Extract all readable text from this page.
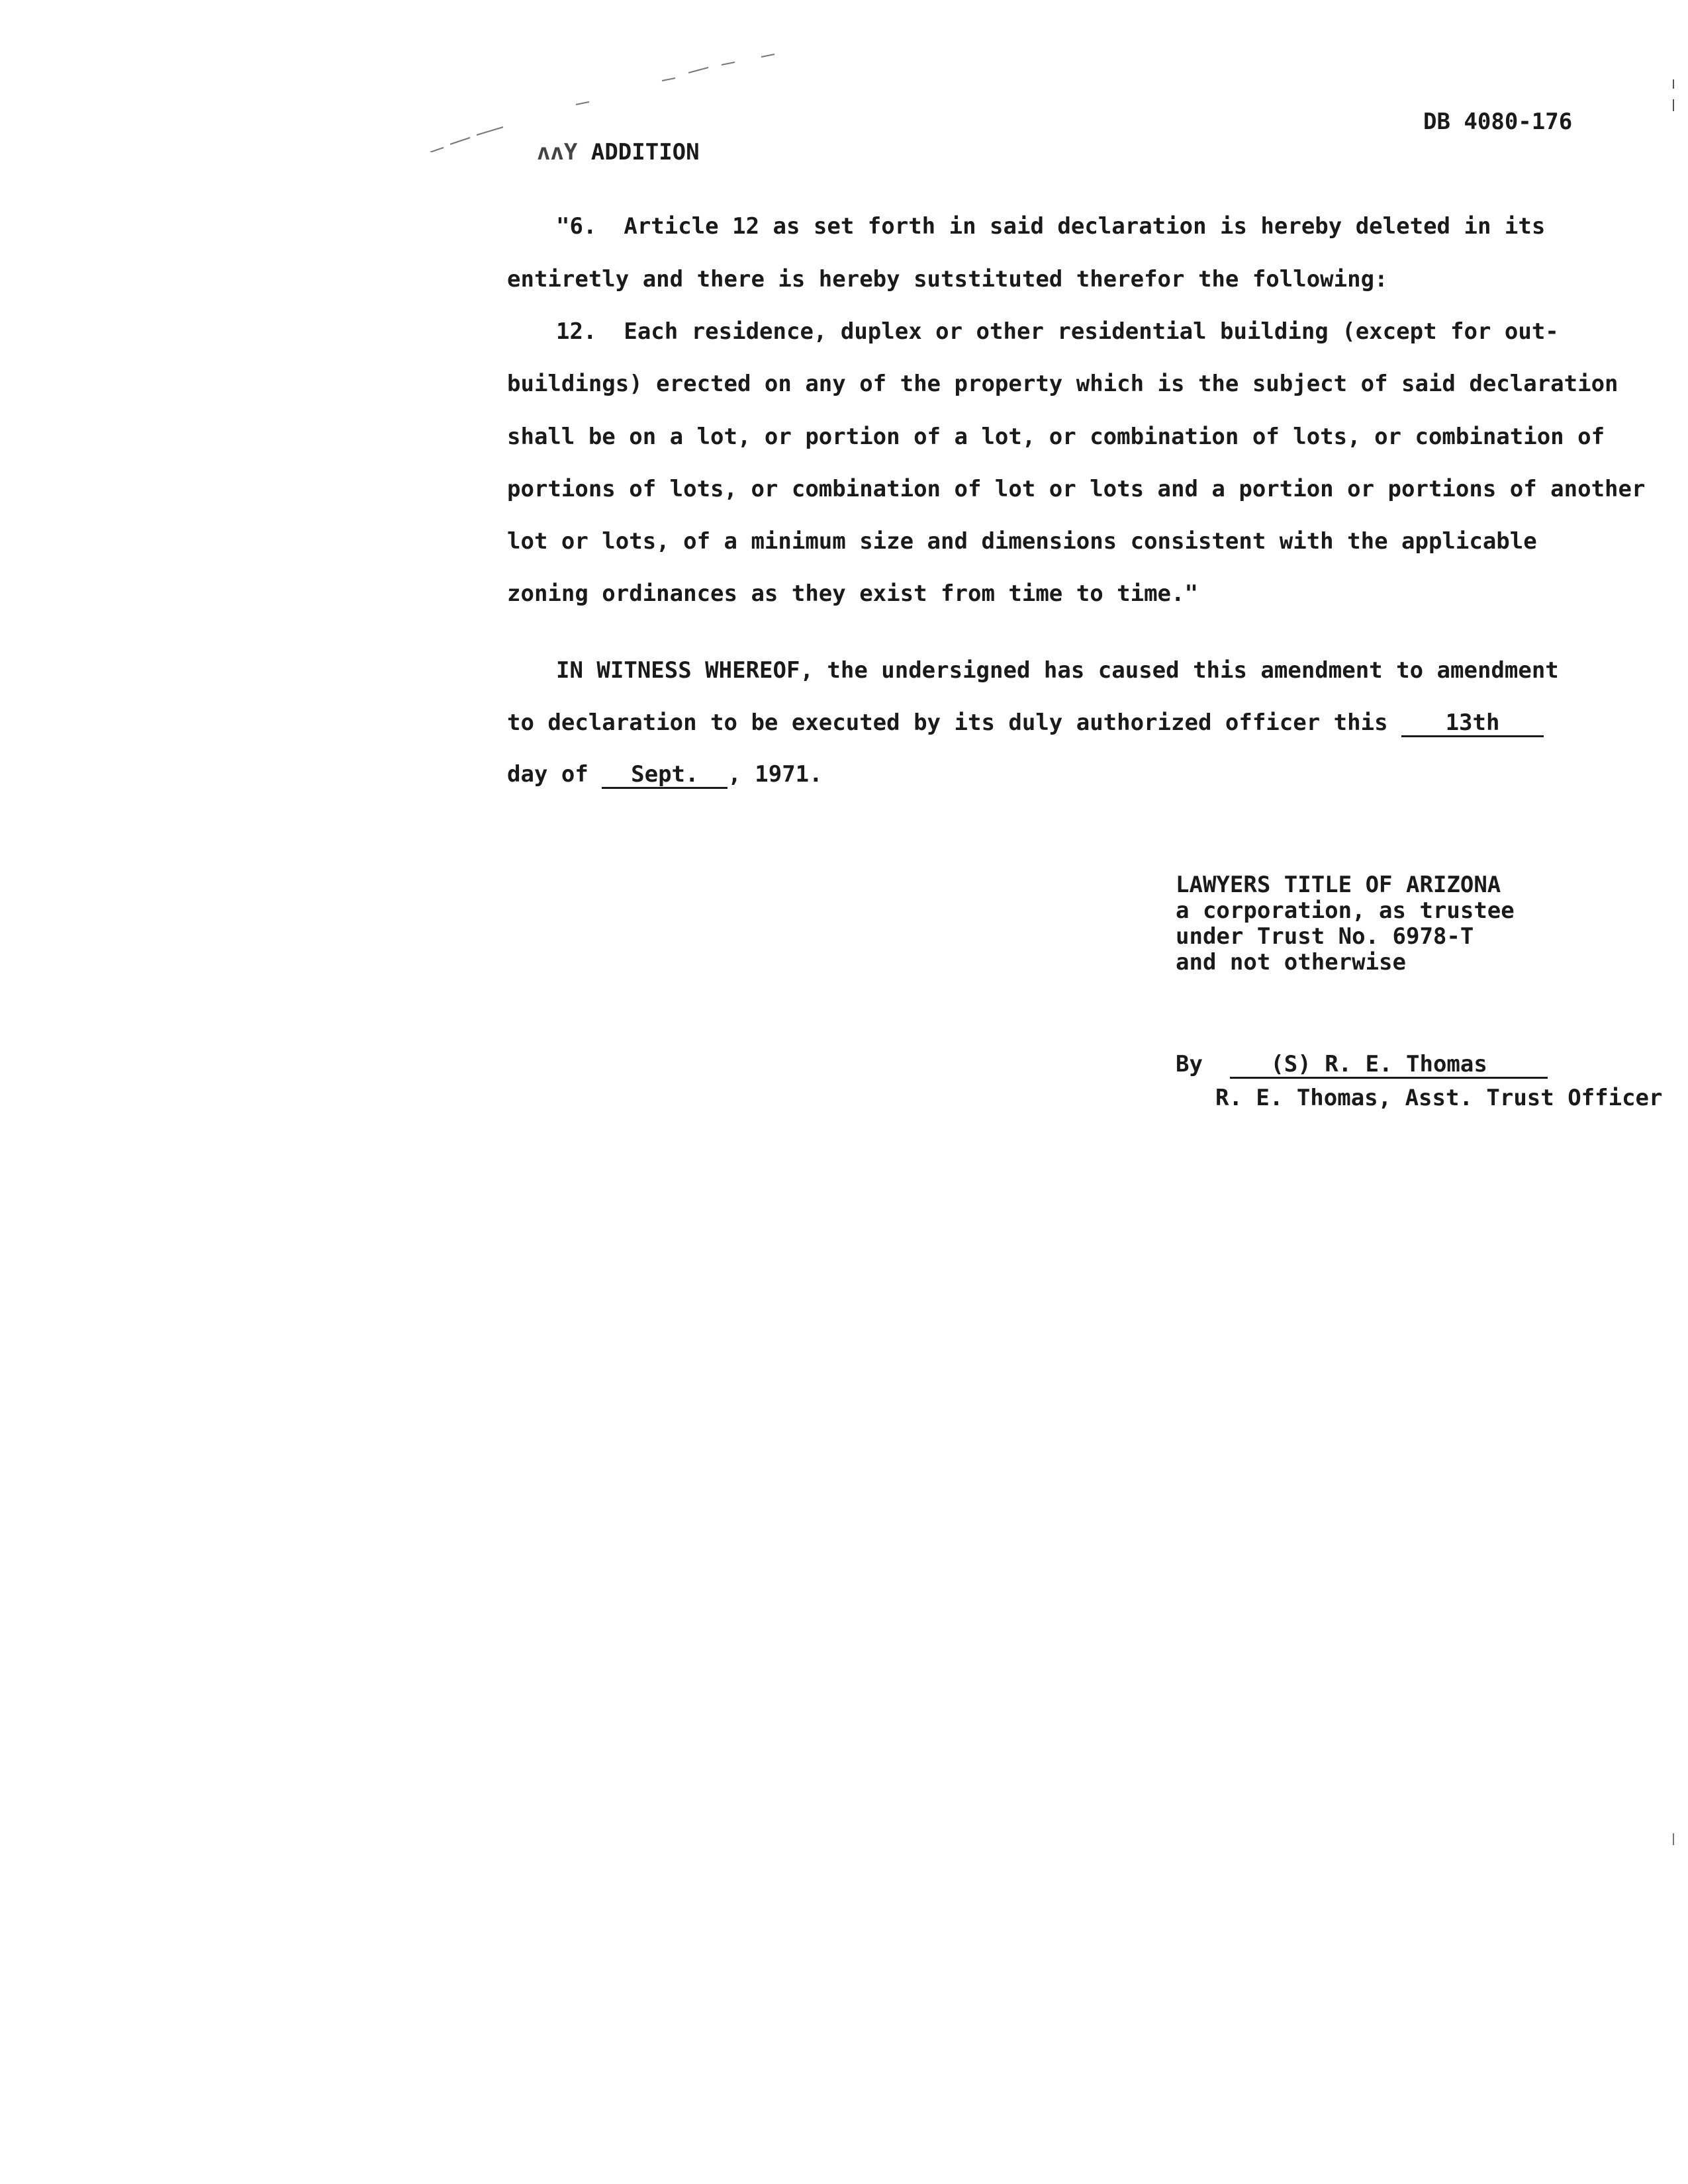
ʌʌY ADDITION

DB 4080-176
"6.  Article 12 as set forth in said declaration is hereby deleted in its
entiretly and there is hereby sutstituted therefor the following:
12.  Each residence, duplex or other residential building (except for out-
buildings) erected on any of the property which is the subject of said declaration
shall be on a lot, or portion of a lot, or combination of lots, or combination of
portions of lots, or combination of lot or lots and a portion or portions of another
lot or lots, of a minimum size and dimensions consistent with the applicable
zoning ordinances as they exist from time to time."
IN WITNESS WHEREOF, the undersigned has caused this amendment to amendment
to declaration to be executed by its duly authorized officer this	13th
day of Sept. , 1971.
LAWYERS TITLE OF ARIZONA
a corporation, as trustee
under Trust No. 6978-T
and not otherwise
By	(S) R. E. Thomas
R. E. Thomas, Asst. Trust Officer
